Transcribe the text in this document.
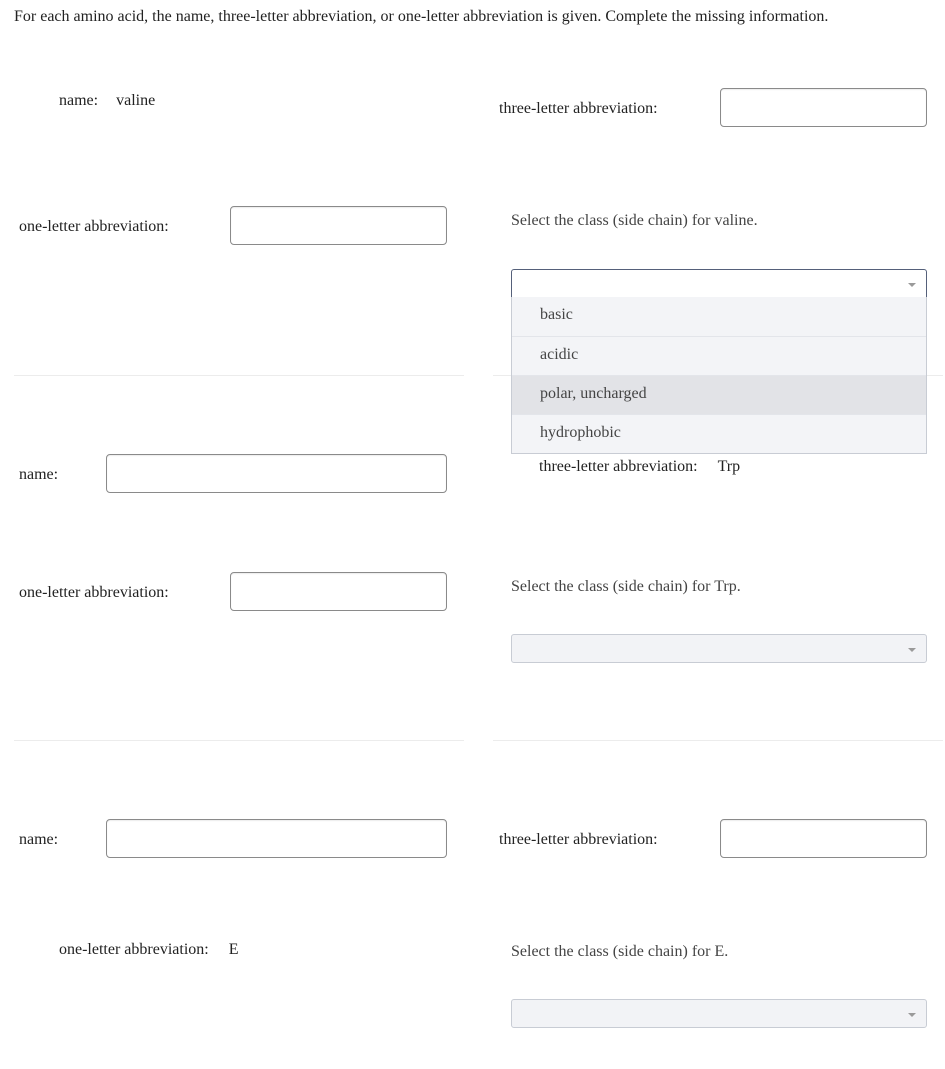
For each amino acid, the name, three-letter abbreviation, or one-letter abbreviation is given. Complete the missing information.
name: valine	three-letter abbreviation:
one-letter abbreviation:	Select the class (side chain) for valine.
basic
acidic
polar, uncharged
hydrophobic
name:	three-letter abbreviation: Trp
one-letter abbreviation:	Select the class (side chain) for Trp.
name:	three-letter abbreviation:
one-letter abbreviation: E	Select the class (side chain) for E.
